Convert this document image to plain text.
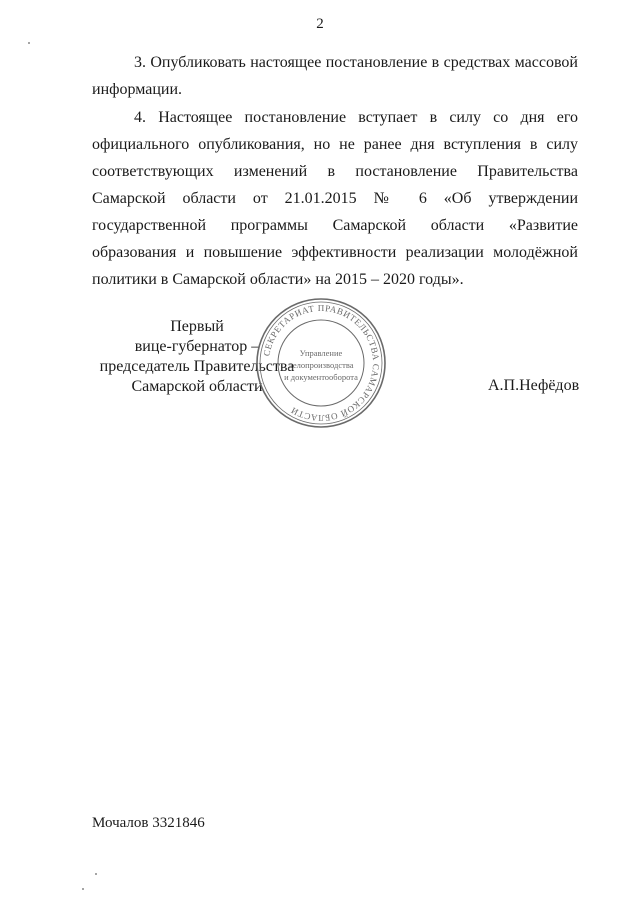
2

3. Опубликовать настоящее постановление в средствах массовой информации.

4. Настоящее постановление вступает в силу со дня его официального опубликования, но не ранее дня вступления в силу соответствующих изменений в постановление Правительства Самарской области от 21.01.2015 № 6 «Об утверждении государственной программы Самарской области «Развитие образования и повышение эффективности реализации молодёжной политики в Самарской области» на 2015 – 2020 годы».

Первый
вице-губернатор –
председатель Правительства
Самарской области
СЕКРЕТАРИАТ ПРАВИТЕЛЬСТВА САМАРСКОЙ ОБЛАСТИ
Управление
делопроизводства
и документооборота	А.П.Нефёдов
Мочалов 3321846
